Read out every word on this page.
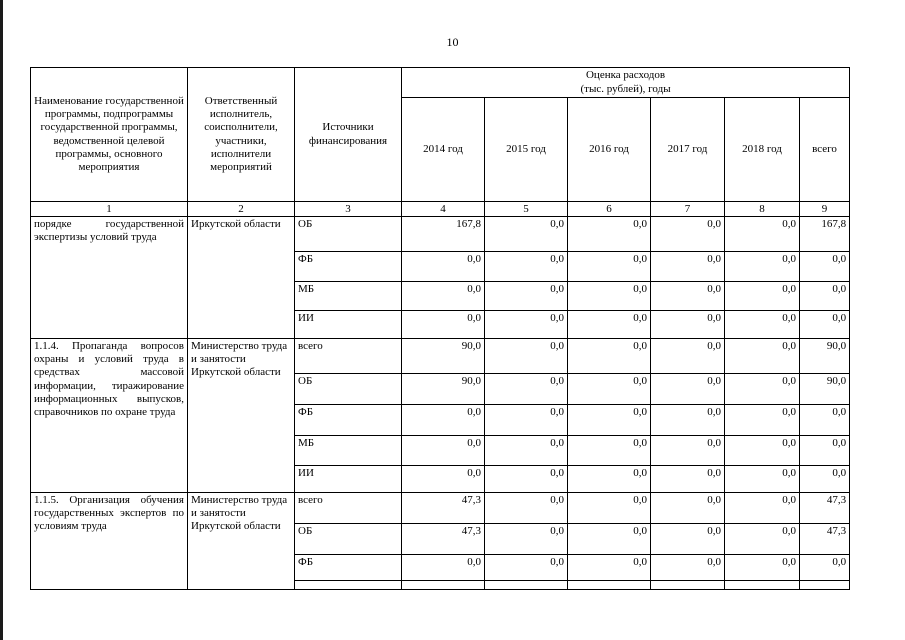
10
Наименование государственной программы, подпрограммы государственной программы, ведомственной целевой программы, основного мероприятия	Ответственный исполнитель, соисполнители, участники, исполнители мероприятий	Источники финансирования	Оценка расходов
(тыс. рублей), годы					

			2014 год	2015 год	2016 год	2017 год	2018 год	всего
1	2	3	4	5	6	7	8	9
порядке государственной экспертизы условий труда	Иркутской области	ОБ	167,8	0,0	0,0	0,0	0,0	167,8
		ФБ	0,0	0,0	0,0	0,0	0,0	0,0
		МБ	0,0	0,0	0,0	0,0	0,0	0,0
		ИИ	0,0	0,0	0,0	0,0	0,0	0,0
1.1.4. Пропаганда вопросов охраны и условий труда в средствах массовой информации, тиражирование информационных выпусков, справочников по охране труда	Министерство труда и занятости Иркутской области	всего	90,0	0,0	0,0	0,0	0,0	90,0
		ОБ	90,0	0,0	0,0	0,0	0,0	90,0
		ФБ	0,0	0,0	0,0	0,0	0,0	0,0
		МБ	0,0	0,0	0,0	0,0	0,0	0,0
		ИИ	0,0	0,0	0,0	0,0	0,0	0,0
1.1.5. Организация обучения государственных экспертов по условиям труда	Министерство труда и занятости Иркутской области	всего	47,3	0,0	0,0	0,0	0,0	47,3
		ОБ	47,3	0,0	0,0	0,0	0,0	47,3
		ФБ	0,0	0,0	0,0	0,0	0,0	0,0
